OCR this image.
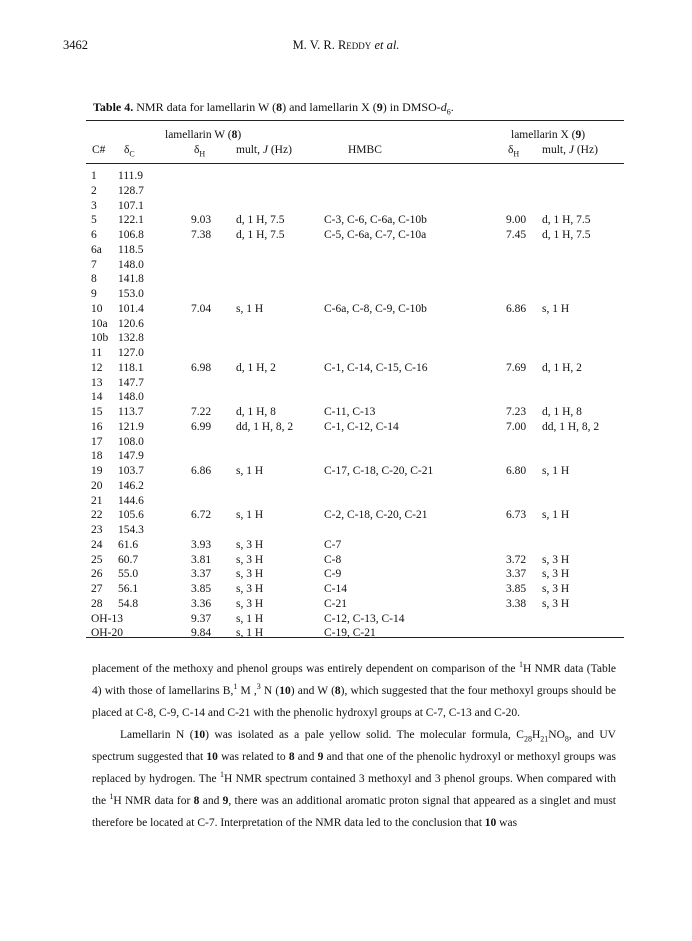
3462	M. V. R. Reddy et al.
Table 4. NMR data for lamellarin W (8) and lamellarin X (9) in DMSO-$d_6$.
lamellarin W (8)	lamellarin X (9)
C# $\delta_C$	$\delta_H$	mult, J (Hz)	HMBC	$\delta_H$ mult, J (Hz)
1 111.9
2 128.7
3 107.1
5 122.1	9.03 d, 1 H, 7.5	C-3, C-6, C-6a, C-10b	9.00 d, 1 H, 7.5
6 106.8	7.38 d, 1 H, 7.5	C-5, C-6a, C-7, C-10a	7.45 d, 1 H, 7.5
6a 118.5
7 148.0
8 141.8
9 153.0
10 101.4	7.04 s, 1 H	C-6a, C-8, C-9, C-10b	6.86 s, 1 H
10a 120.6
10b 132.8
11 127.0
12 118.1	6.98 d, 1 H, 2	C-1, C-14, C-15, C-16	7.69 d, 1 H, 2
13 147.7
14 148.0
15 113.7	7.22 d, 1 H, 8	C-11, C-13	7.23 d, 1 H, 8
16 121.9	6.99 dd, 1 H, 8, 2	C-1, C-12, C-14	7.00 dd, 1 H, 8, 2
17 108.0
18 147.9
19 103.7	6.86 s, 1 H	C-17, C-18, C-20, C-21	6.80 s, 1 H
20 146.2
21 144.6
22 105.6	6.72 s, 1 H	C-2, C-18, C-20, C-21	6.73 s, 1 H
23 154.3
24 61.6	3.93 s, 3 H	C-7
25 60.7	3.81 s, 3 H	C-8	3.72 s, 3 H
26 55.0	3.37 s, 3 H	C-9	3.37 s, 3 H
27 56.1	3.85 s, 3 H	C-14	3.85 s, 3 H
28 54.8	3.36 s, 3 H	C-21	3.38 s, 3 H
OH-13	9.37 s, 1 H	C-12, C-13, C-14
OH-20	9.84 s, 1 H	C-19, C-21

placement of the methoxy and phenol groups was entirely dependent on comparison of the $^1$H NMR data (Table 4) with those of lamellarins B,$^1$ M ,$^3$ N (10) and W (8), which suggested that the four methoxyl groups should be placed at C-8, C-9, C-14 and C-21 with the phenolic hydroxyl groups at C-7, C-13 and C-20.

Lamellarin N (10) was isolated as a pale yellow solid. The molecular formula, $C_{28}H_{21}NO_8$, and UV spectrum suggested that 10 was related to 8 and 9 and that one of the phenolic hydroxyl or methoxyl groups was replaced by hydrogen. The $^1$H NMR spectrum contained 3 methoxyl and 3 phenol groups. When compared with the $^1$H NMR data for 8 and 9, there was an additional aromatic proton signal that appeared as a singlet and must therefore be located at C-7. Interpretation of the NMR data led to the conclusion that 10 was
